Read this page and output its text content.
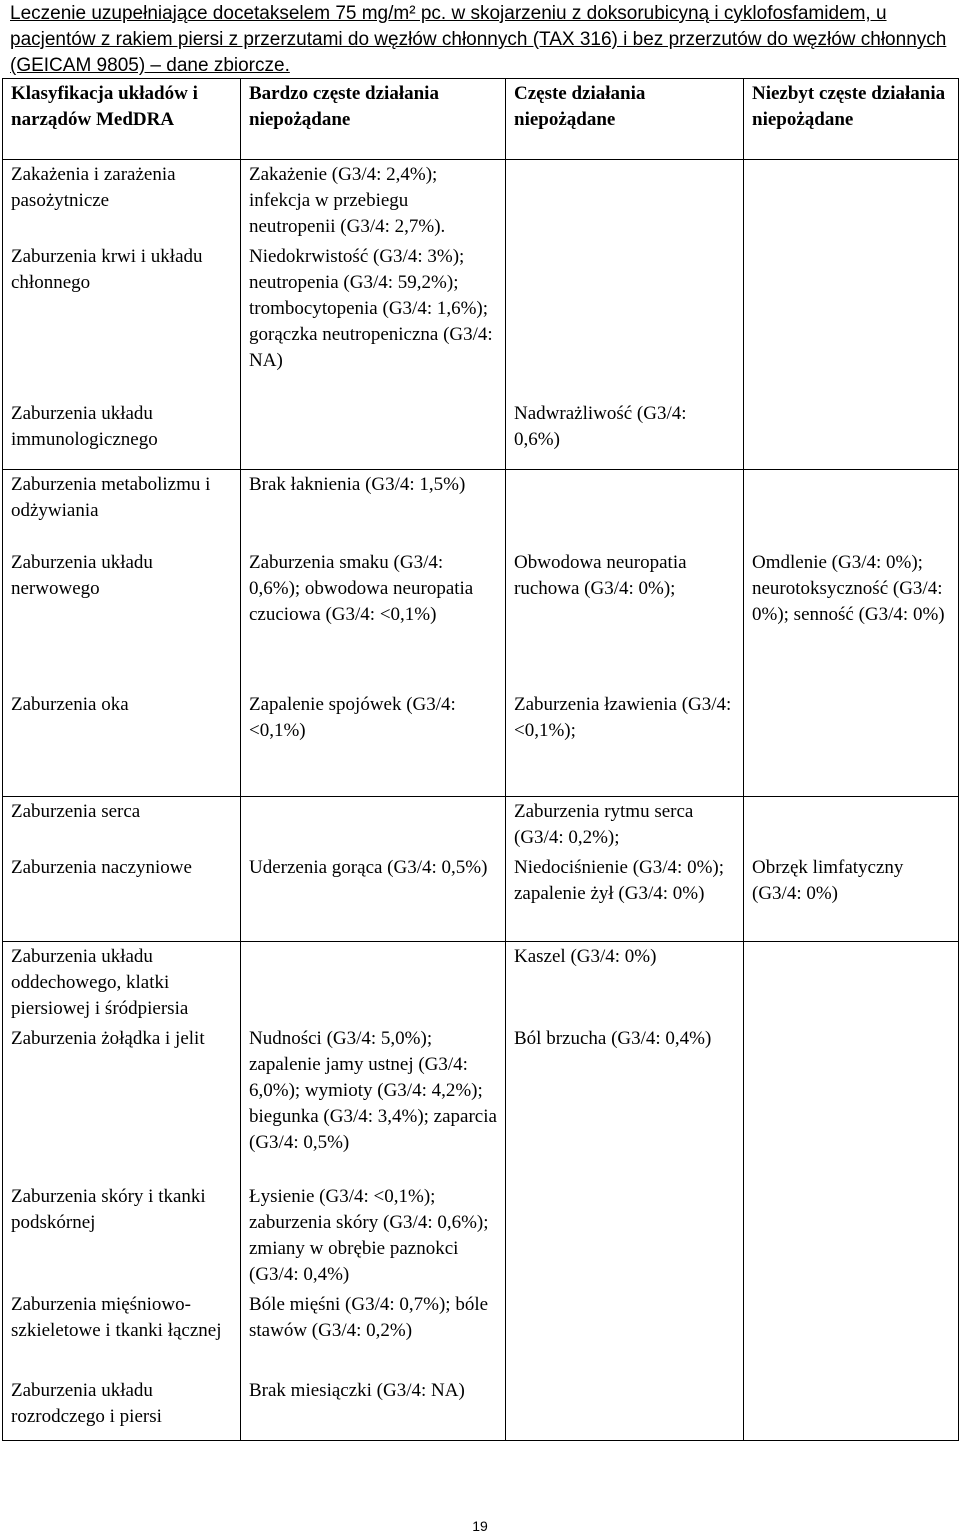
Leczenie uzupełniające docetakselem 75 mg/m² pc. w skojarzeniu z doksorubicyną i cyklofosfamidem, u pacjentów z rakiem piersi z przerzutami do węzłów chłonnych (TAX 316) i bez przerzutów do węzłów chłonnych (GEICAM 9805) – dane zbiorcze.
Klasyfikacja układów i narządów MedDRA	Bardzo częste działania niepożądane	Częste działania niepożądane	Niezbyt częste działania niepożądane
Zakażenia i zarażenia pasożytnicze	Zakażenie (G3/4: 2,4%); infekcja w przebiegu neutropenii (G3/4: 2,7%).		
Zaburzenia krwi i układu chłonnego	Niedokrwistość (G3/4: 3%); neutropenia (G3/4: 59,2%); trombocytopenia (G3/4: 1,6%); gorączka neutropeniczna (G3/4: NA)		
Zaburzenia układu immunologicznego		Nadwrażliwość (G3/4: 0,6%)	
Zaburzenia metabolizmu i odżywiania	Brak łaknienia (G3/4: 1,5%)		
Zaburzenia układu nerwowego	Zaburzenia smaku (G3/4: 0,6%); obwodowa neuropatia czuciowa (G3/4: <0,1%)	Obwodowa neuropatia ruchowa (G3/4: 0%);	Omdlenie (G3/4: 0%); neurotoksyczność (G3/4: 0%); senność (G3/4: 0%)
Zaburzenia oka	Zapalenie spojówek (G3/4: <0,1%)	Zaburzenia łzawienia (G3/4: <0,1%);	
Zaburzenia serca		Zaburzenia rytmu serca (G3/4: 0,2%);	
Zaburzenia naczyniowe	Uderzenia gorąca (G3/4: 0,5%)	Niedociśnienie (G3/4: 0%); zapalenie żył (G3/4: 0%)	Obrzęk limfatyczny (G3/4: 0%)
Zaburzenia układu oddechowego, klatki piersiowej i śródpiersia		Kaszel (G3/4: 0%)	
Zaburzenia żołądka i jelit	Nudności (G3/4: 5,0%); zapalenie jamy ustnej (G3/4: 6,0%); wymioty (G3/4: 4,2%); biegunka (G3/4: 3,4%); zaparcia (G3/4: 0,5%)	Ból brzucha (G3/4: 0,4%)	
Zaburzenia skóry i tkanki podskórnej	Łysienie (G3/4: <0,1%); zaburzenia skóry (G3/4: 0,6%); zmiany w obrębie paznokci (G3/4: 0,4%)		
Zaburzenia mięśniowo-szkieletowe i tkanki łącznej	Bóle mięśni (G3/4: 0,7%); bóle stawów (G3/4: 0,2%)		
Zaburzenia układu rozrodczego i piersi	Brak miesiączki (G3/4: NA)		
19
